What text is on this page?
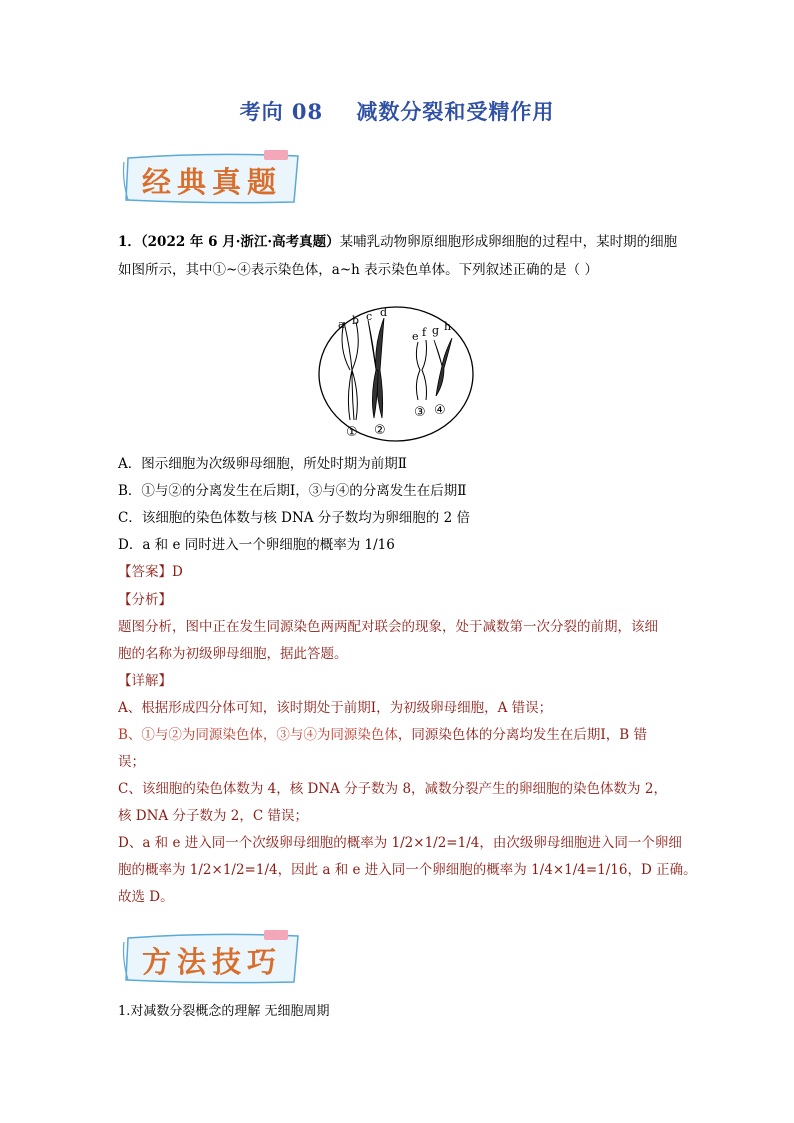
考向 08    减数分裂和受精作用
经典真题
1．（2022 年 6 月·浙江·高考真题）某哺乳动物卵原细胞形成卵细胞的过程中，某时期的细胞
如图所示，其中①~④表示染色体，a~h 表示染色单体。下列叙述正确的是（ ）
a b c d
e f g h
① ②
③ ④
A．图示细胞为次级卵母细胞，所处时期为前期Ⅱ
B．①与②的分离发生在后期Ⅰ，③与④的分离发生在后期Ⅱ
C．该细胞的染色体数与核 DNA 分子数均为卵细胞的 2 倍
D．a 和 e 同时进入一个卵细胞的概率为 1/16
【答案】D
【分析】
题图分析，图中正在发生同源染色两两配对联会的现象，处于减数第一次分裂的前期，该细
胞的名称为初级卵母细胞，据此答题。
【详解】
A、根据形成四分体可知，该时期处于前期Ⅰ，为初级卵母细胞，A 错误；
B、①与②为同源染色体，③与④为同源染色体，同源染色体的分离均发生在后期Ⅰ，B 错
误；
C、该细胞的染色体数为 4，核 DNA 分子数为 8，减数分裂产生的卵细胞的染色体数为 2，
核 DNA 分子数为 2，C 错误；
D、a 和 e 进入同一个次级卵母细胞的概率为 1/2×1/2=1/4，由次级卵母细胞进入同一个卵细
胞的概率为 1/2×1/2=1/4，因此 a 和 e 进入同一个卵细胞的概率为 1/4×1/4=1/16，D 正确。
故选 D。
方法技巧
1.对减数分裂概念的理解 无细胞周期
